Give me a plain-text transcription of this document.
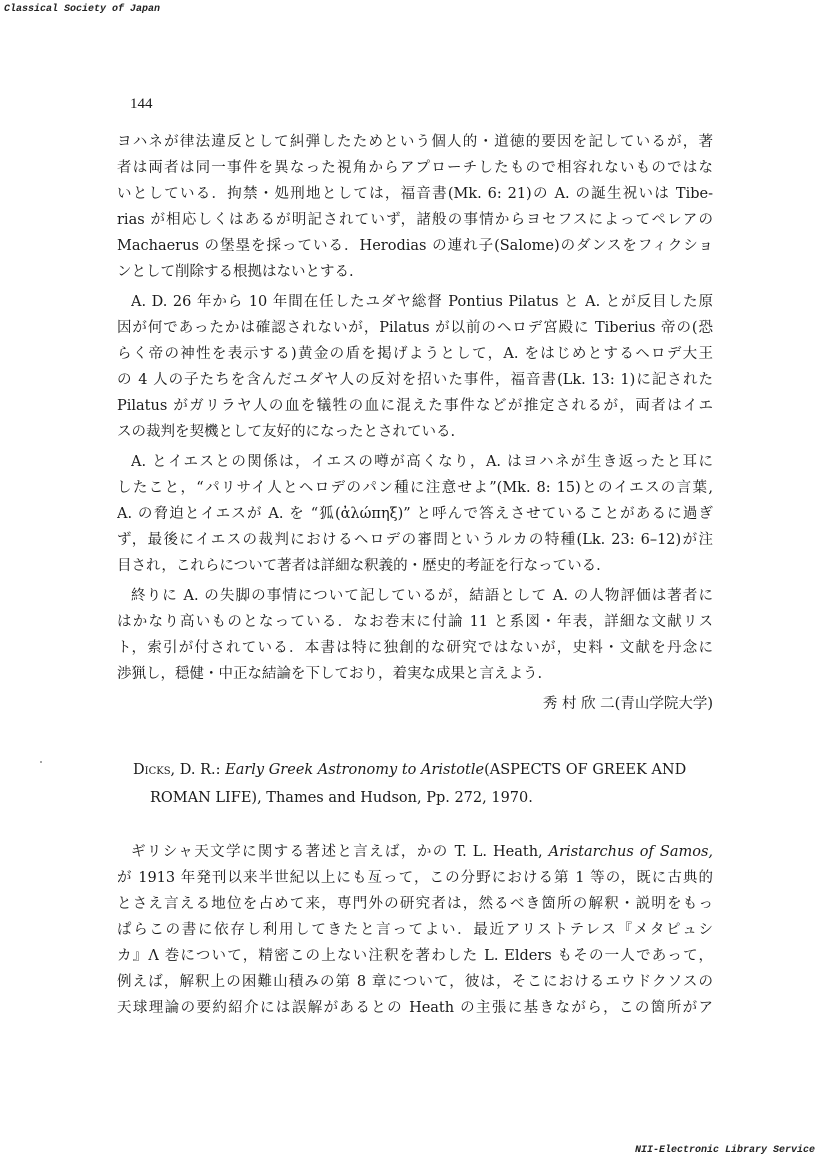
Classical Society of Japan
144
ヨハネが律法違反として糾弾したためという個人的・道徳的要因を記しているが，著
者は両者は同一事件を異なった視角からアプローチしたもので相容れないものではな
いとしている．拘禁・処刑地としては，福音書(Mk. 6: 21)の A. の誕生祝いは Tibe-
rias が相応しくはあるが明記されていず，諸般の事情からヨセフスによってペレアの
Machaerus の堡塁を採っている．Herodias の連れ子(Salome)のダンスをフィクショ
ンとして削除する根拠はないとする.
A. D. 26 年から 10 年間在任したユダヤ総督 Pontius Pilatus と A. とが反目した原
因が何であったかは確認されないが，Pilatus が以前のヘロデ宮殿に Tiberius 帝の(恐
らく帝の神性を表示する)黄金の盾を掲げようとして，A. をはじめとするヘロデ大王
の 4 人の子たちを含んだユダヤ人の反対を招いた事件，福音書(Lk. 13: 1)に記された
Pilatus がガリラヤ人の血を犠牲の血に混えた事件などが推定されるが，両者はイエ
スの裁判を契機として友好的になったとされている.
A. とイエスとの関係は，イエスの噂が高くなり，A. はヨハネが生き返ったと耳に
したこと，“パリサイ人とヘロデのパン種に注意せよ”(Mk. 8: 15)とのイエスの言葉,
A. の脅迫とイエスが A. を “狐(ἀλώπηξ)” と呼んで答えさせていることがあるに過ぎ
ず，最後にイエスの裁判におけるヘロデの審問というルカの特種(Lk. 23: 6–12)が注
目され，これらについて著者は詳細な釈義的・歴史的考証を行なっている.
終りに A. の失脚の事情について記しているが，結語として A. の人物評価は著者に
はかなり高いものとなっている．なお巻末に付論 11 と系図・年表，詳細な文献リス
ト，索引が付されている．本書は特に独創的な研究ではないが，史料・文献を丹念に
渉猟し，穏健・中正な結論を下しており，着実な成果と言えよう.
秀 村 欣 二(青山学院大学)
Dicks, D. R.: Early Greek Astronomy to Aristotle(ASPECTS OF GREEK AND
ROMAN LIFE), Thames and Hudson, Pp. 272, 1970.
ギリシャ天文学に関する著述と言えば，かの T. L. Heath, Aristarchus of Samos,
が 1913 年発刊以来半世紀以上にも亙って，この分野における第 1 等の，既に古典的
とさえ言える地位を占めて来，専門外の研究者は，然るべき箇所の解釈・説明をもっ
ぱらこの書に依存し利用してきたと言ってよい．最近アリストテレス『メタピュシ
カ』Λ 巻について，精密この上ない注釈を著わした L. Elders もその一人であって，
例えば，解釈上の困難山積みの第 8 章について，彼は，そこにおけるエウドクソスの
天球理論の要約紹介には誤解があるとの Heath の主張に基きながら，この箇所がア
NII-Electronic Library Service
